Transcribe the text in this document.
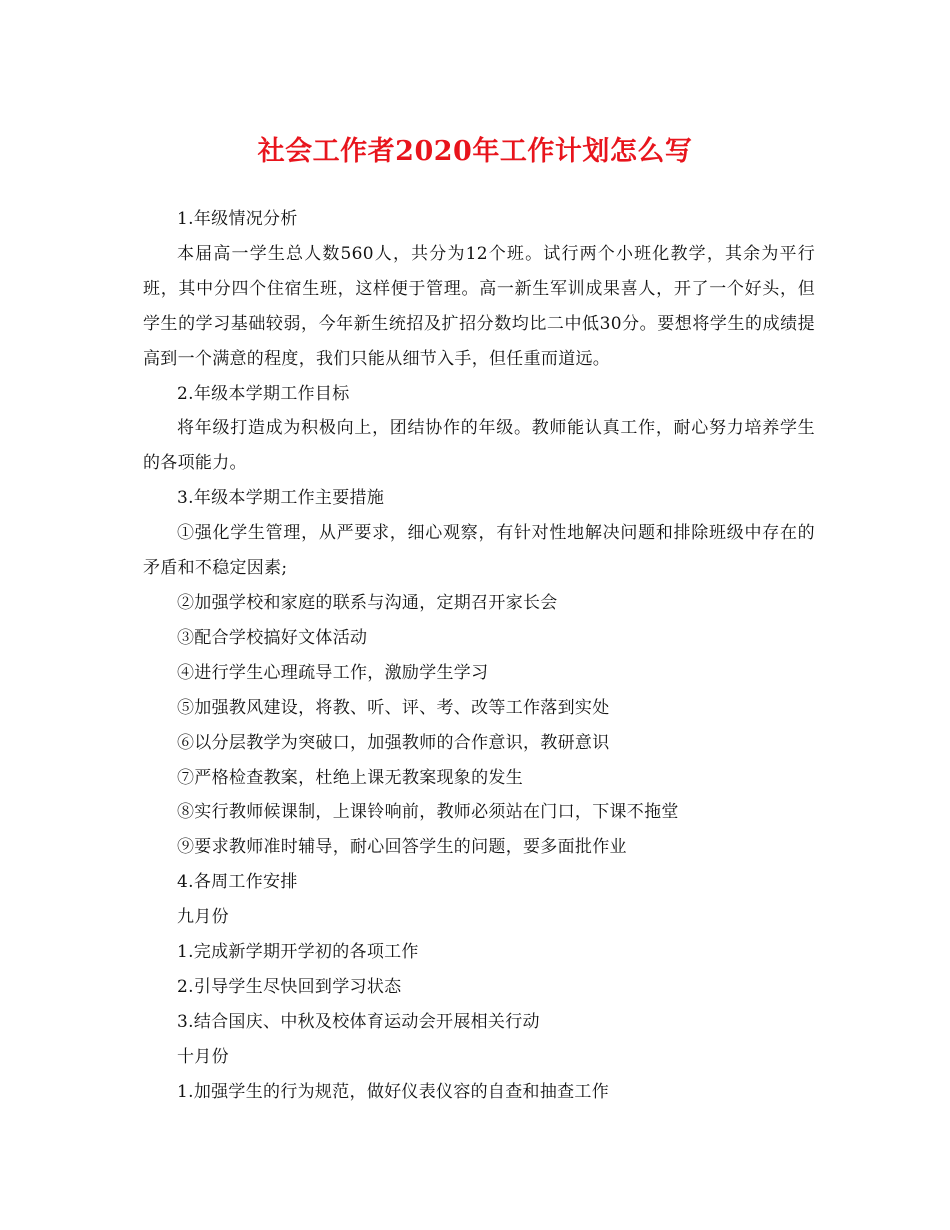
社会工作者2020年工作计划怎么写

1.年级情况分析

本届高一学生总人数560人，共分为12个班。试行两个小班化教学，其余为平行班，其中分四个住宿生班，这样便于管理。高一新生军训成果喜人，开了一个好头，但学生的学习基础较弱，今年新生统招及扩招分数均比二中低30分。要想将学生的成绩提高到一个满意的程度，我们只能从细节入手，但任重而道远。

2.年级本学期工作目标

将年级打造成为积极向上，团结协作的年级。教师能认真工作，耐心努力培养学生的各项能力。

3.年级本学期工作主要措施

①强化学生管理，从严要求，细心观察，有针对性地解决问题和排除班级中存在的矛盾和不稳定因素;

②加强学校和家庭的联系与沟通，定期召开家长会

③配合学校搞好文体活动

④进行学生心理疏导工作，激励学生学习

⑤加强教风建设，将教、听、评、考、改等工作落到实处

⑥以分层教学为突破口，加强教师的合作意识，教研意识

⑦严格检查教案，杜绝上课无教案现象的发生

⑧实行教师候课制，上课铃响前，教师必须站在门口，下课不拖堂

⑨要求教师准时辅导，耐心回答学生的问题，要多面批作业

4.各周工作安排

九月份

1.完成新学期开学初的各项工作

2.引导学生尽快回到学习状态

3.结合国庆、中秋及校体育运动会开展相关行动

十月份

1.加强学生的行为规范，做好仪表仪容的自查和抽查工作
